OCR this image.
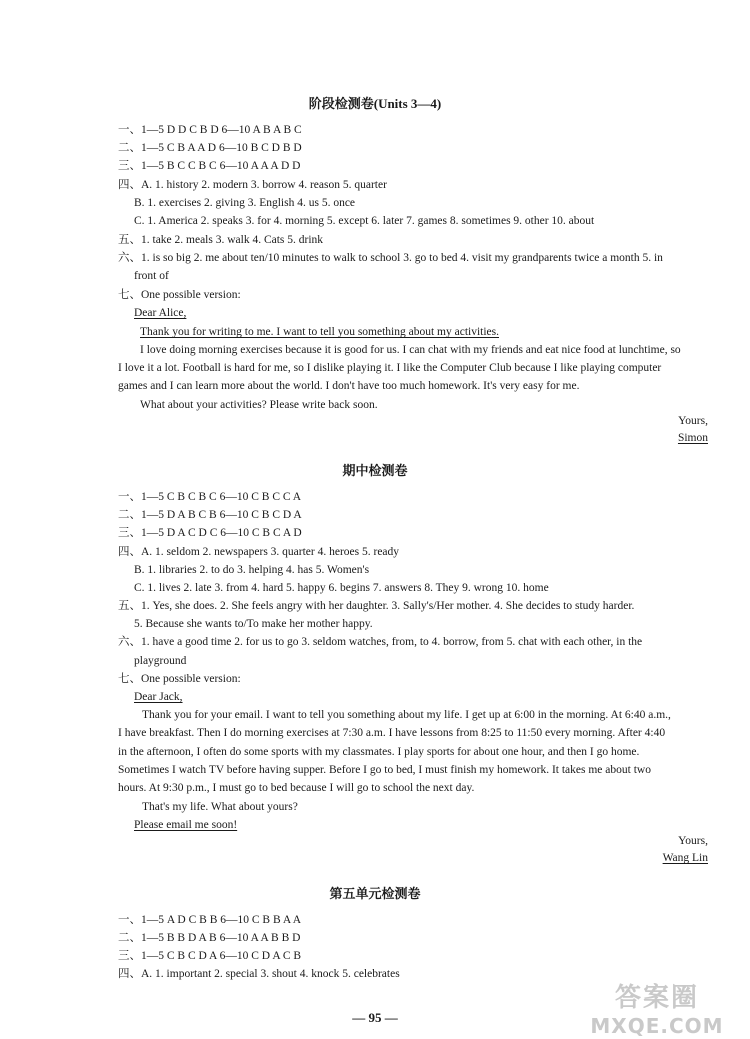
阶段检测卷(Units 3—4)
一、1—5 D D C B D 6—10 A B A B C
二、1—5 C B A A D 6—10 B C D B D
三、1—5 B C C B C 6—10 A A A D D
四、A. 1. history 2. modern 3. borrow 4. reason 5. quarter
B. 1. exercises 2. giving 3. English 4. us 5. once
C. 1. America 2. speaks 3. for 4. morning 5. except 6. later 7. games 8. sometimes 9. other 10. about
五、1. take 2. meals 3. walk 4. Cats 5. drink
六、1. is so big 2. me about ten/10 minutes to walk to school 3. go to bed 4. visit my grandparents twice a month 5. in
front of
七、One possible version:
Dear Alice,
Thank you for writing to me. I want to tell you something about my activities.
I love doing morning exercises because it is good for us. I can chat with my friends and eat nice food at lunchtime, so
I love it a lot. Football is hard for me, so I dislike playing it. I like the Computer Club because I like playing computer
games and I can learn more about the world. I don't have too much homework. It's very easy for me.
What about your activities? Please write back soon.
Yours,
Simon
期中检测卷
一、1—5 C B C B C 6—10 C B C C A
二、1—5 D A B C B 6—10 C B C D A
三、1—5 D A C D C 6—10 C B C A D
四、A. 1. seldom 2. newspapers 3. quarter 4. heroes 5. ready
B. 1. libraries 2. to do 3. helping 4. has 5. Women's
C. 1. lives 2. late 3. from 4. hard 5. happy 6. begins 7. answers 8. They 9. wrong 10. home
五、1. Yes, she does. 2. She feels angry with her daughter. 3. Sally's/Her mother. 4. She decides to study harder.
5. Because she wants to/To make her mother happy.
六、1. have a good time 2. for us to go 3. seldom watches, from, to 4. borrow, from 5. chat with each other, in the
playground
七、One possible version:
Dear Jack,
Thank you for your email. I want to tell you something about my life. I get up at 6:00 in the morning. At 6:40 a.m.,
I have breakfast. Then I do morning exercises at 7:30 a.m. I have lessons from 8:25 to 11:50 every morning. After 4:40
in the afternoon, I often do some sports with my classmates. I play sports for about one hour, and then I go home.
Sometimes I watch TV before having supper. Before I go to bed, I must finish my homework. It takes me about two
hours. At 9:30 p.m., I must go to bed because I will go to school the next day.
That's my life. What about yours?
Please email me soon!
Yours,
Wang Lin
第五单元检测卷
一、1—5 A D C B B 6—10 C B B A A
二、1—5 B B D A B 6—10 A A B B D
三、1—5 C B C D A 6—10 C D A C B
四、A. 1. important 2. special 3. shout 4. knock 5. celebrates
— 95 —
答案圈
MXQE.COM
